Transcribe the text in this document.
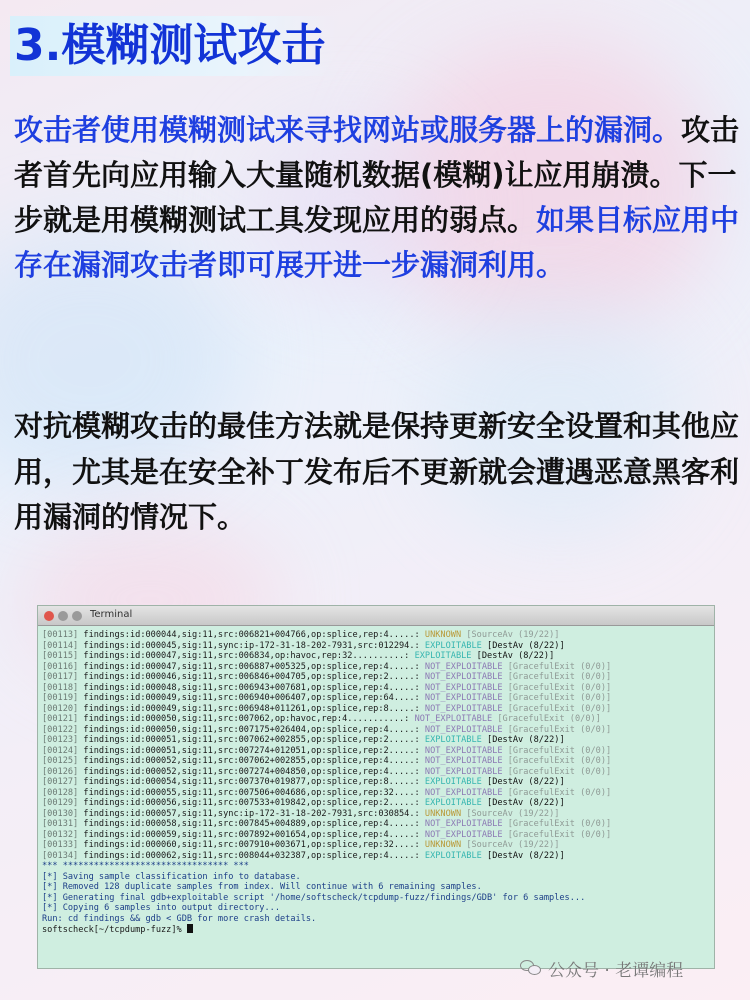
3.模糊测试攻击
攻击者使用模糊测试来寻找网站或服务器上的漏洞。攻击者首先向应用输入大量随机数据(模糊)让应用崩溃。下一步就是用模糊测试工具发现应用的弱点。如果目标应用中存在漏洞攻击者即可展开进一步漏洞利用。
对抗模糊攻击的最佳方法就是保持更新安全设置和其他应用，尤其是在安全补丁发布后不更新就会遭遇恶意黑客利用漏洞的情况下。
Terminal
[00113] findings:id:000044,sig:11,src:006821+004766,op:splice,rep:4.....: UNKNOWN [SourceAv (19/22)]
[00114] findings:id:000045,sig:11,sync:ip-172-31-18-202-7931,src:012294.: EXPLOITABLE [DestAv (8/22)]
[00115] findings:id:000047,sig:11,src:006834,op:havoc,rep:32..........: EXPLOITABLE [DestAv (8/22)]
[00116] findings:id:000047,sig:11,src:006887+005325,op:splice,rep:4.....: NOT_EXPLOITABLE [GracefulExit (0/0)]
[00117] findings:id:000046,sig:11,src:006846+004705,op:splice,rep:2.....: NOT_EXPLOITABLE [GracefulExit (0/0)]
[00118] findings:id:000048,sig:11,src:006943+007681,op:splice,rep:4.....: NOT_EXPLOITABLE [GracefulExit (0/0)]
[00119] findings:id:000049,sig:11,src:006940+006407,op:splice,rep:64....: NOT_EXPLOITABLE [GracefulExit (0/0)]
[00120] findings:id:000049,sig:11,src:006948+011261,op:splice,rep:8.....: NOT_EXPLOITABLE [GracefulExit (0/0)]
[00121] findings:id:000050,sig:11,src:007062,op:havoc,rep:4...........: NOT_EXPLOITABLE [GracefulExit (0/0)]
[00122] findings:id:000050,sig:11,src:007175+026404,op:splice,rep:4.....: NOT_EXPLOITABLE [GracefulExit (0/0)]
[00123] findings:id:000051,sig:11,src:007062+002855,op:splice,rep:2.....: EXPLOITABLE [DestAv (8/22)]
[00124] findings:id:000051,sig:11,src:007274+012051,op:splice,rep:2.....: NOT_EXPLOITABLE [GracefulExit (0/0)]
[00125] findings:id:000052,sig:11,src:007062+002855,op:splice,rep:4.....: NOT_EXPLOITABLE [GracefulExit (0/0)]
[00126] findings:id:000052,sig:11,src:007274+004850,op:splice,rep:4.....: NOT_EXPLOITABLE [GracefulExit (0/0)]
[00127] findings:id:000054,sig:11,src:007370+019877,op:splice,rep:8.....: EXPLOITABLE [DestAv (8/22)]
[00128] findings:id:000055,sig:11,src:007506+004686,op:splice,rep:32....: NOT_EXPLOITABLE [GracefulExit (0/0)]
[00129] findings:id:000056,sig:11,src:007533+019842,op:splice,rep:2.....: EXPLOITABLE [DestAv (8/22)]
[00130] findings:id:000057,sig:11,sync:ip-172-31-18-202-7931,src:030854.: UNKNOWN [SourceAv (19/22)]
[00131] findings:id:000058,sig:11,src:007845+004889,op:splice,rep:4.....: NOT_EXPLOITABLE [GracefulExit (0/0)]
[00132] findings:id:000059,sig:11,src:007892+001654,op:splice,rep:4.....: NOT_EXPLOITABLE [GracefulExit (0/0)]
[00133] findings:id:000060,sig:11,src:007910+003671,op:splice,rep:32....: UNKNOWN [SourceAv (19/22)]
[00134] findings:id:000062,sig:11,src:008044+032387,op:splice,rep:4.....: EXPLOITABLE [DestAv (8/22)]
*** ******************************** ***
[*] Saving sample classification info to database.
[*] Removed 128 duplicate samples from index. Will continue with 6 remaining samples.
[*] Generating final gdb+exploitable script '/home/softscheck/tcpdump-fuzz/findings/GDB' for 6 samples...
[*] Copying 6 samples into output directory...
Run: cd findings && gdb < GDB for more crash details.
softscheck[~/tcpdump-fuzz]%
公众号 · 老谭编程
